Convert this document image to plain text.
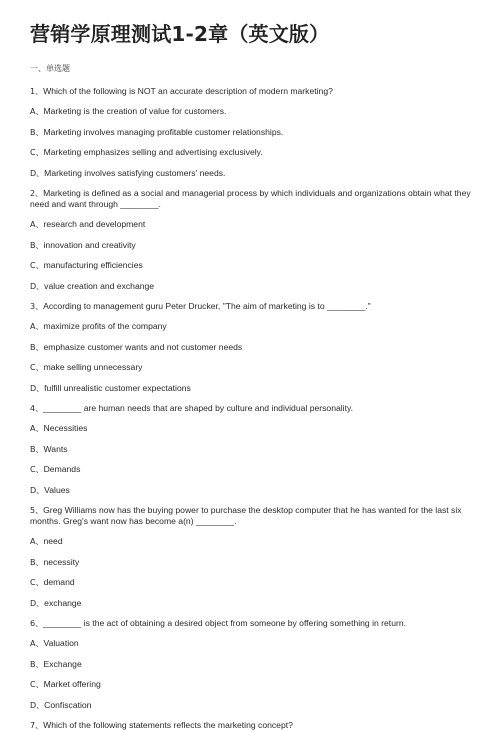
营销学原理测试1-2章（英文版）
一、单选题
1、Which of the following is NOT an accurate description of modern marketing?
A、Marketing is the creation of value for customers.
B、Marketing involves managing profitable customer relationships.
C、Marketing emphasizes selling and advertising exclusively.
D、Marketing involves satisfying customers' needs.
2、Marketing is defined as a social and managerial process by which individuals and organizations obtain what they need and want through ________.
A、research and development
B、innovation and creativity
C、manufacturing efficiencies
D、value creation and exchange
3、According to management guru Peter Drucker, "The aim of marketing is to ________."
A、maximize profits of the company
B、emphasize customer wants and not customer needs
C、make selling unnecessary
D、fulfill unrealistic customer expectations
4、________ are human needs that are shaped by culture and individual personality.
A、Necessities
B、Wants
C、Demands
D、Values
5、Greg Williams now has the buying power to purchase the desktop computer that he has wanted for the last six months. Greg's want now has become a(n) ________.
A、need
B、necessity
C、demand
D、exchange
6、________ is the act of obtaining a desired object from someone by offering something in return.
A、Valuation
B、Exchange
C、Market offering
D、Confiscation
7、Which of the following statements reflects the marketing concept?
